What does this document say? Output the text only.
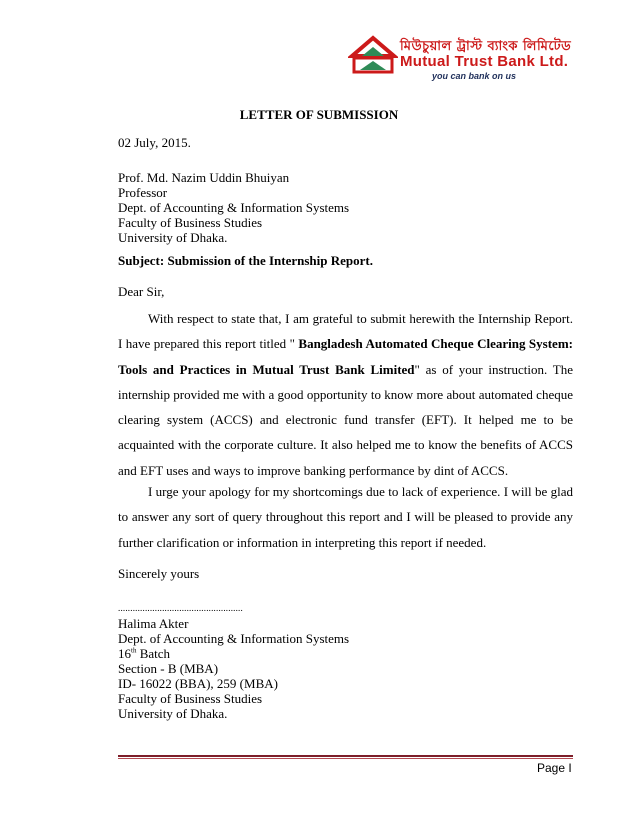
মিউচুয়াল ট্রাস্ট ব্যাংক লিমিটেড
Mutual Trust Bank Ltd.
you can bank on us
LETTER OF SUBMISSION
02 July, 2015.
Prof. Md. Nazim Uddin Bhuiyan
Professor
Dept. of Accounting & Information Systems
Faculty of Business Studies
University of Dhaka.
Subject: Submission of the Internship Report.
Dear Sir,
With respect to state that, I am grateful to submit herewith the Internship Report. I have prepared this report titled " Bangladesh Automated Cheque Clearing System: Tools and Practices in Mutual Trust Bank Limited" as of your instruction. The internship provided me with a good opportunity to know more about automated cheque clearing system (ACCS) and electronic fund transfer (EFT). It helped me to be acquainted with the corporate culture. It also helped me to know the benefits of ACCS and EFT uses and ways to improve banking performance by dint of ACCS.
I urge your apology for my shortcomings due to lack of experience. I will be glad to answer any sort of query throughout this report and I will be pleased to provide any further clarification or information in interpreting this report if needed.
Sincerely yours
...................................................
Halima Akter
Dept. of Accounting & Information Systems
16th Batch
Section - B (MBA)
ID- 16022 (BBA), 259 (MBA)
Faculty of Business Studies
University of Dhaka.
Page I
